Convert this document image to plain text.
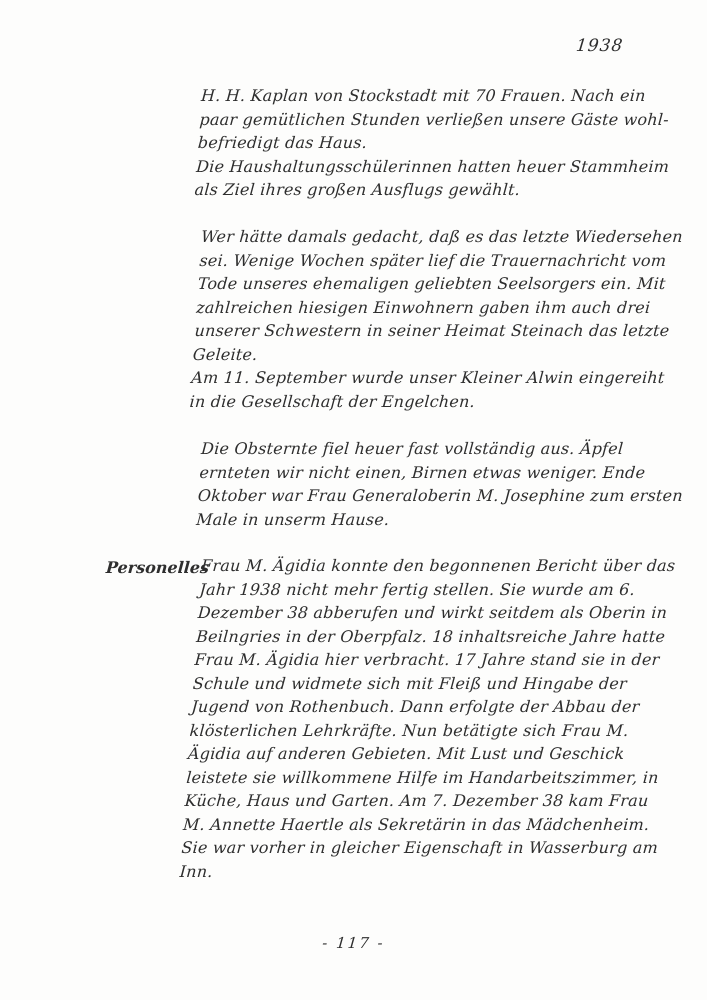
1938
Personelles

H. H. Kaplan von Stockstadt mit 70 Frauen. Nach ein
paar gemütlichen Stunden verließen unsere Gäste wohl-
befriedigt das Haus.
Die Haushaltungsschülerinnen hatten heuer Stammheim
als Ziel ihres großen Ausflugs gewählt.

Wer hätte damals gedacht, daß es das letzte Wiedersehen
sei. Wenige Wochen später lief die Trauernachricht vom
Tode unseres ehemaligen geliebten Seelsorgers ein. Mit
zahlreichen hiesigen Einwohnern gaben ihm auch drei
unserer Schwestern in seiner Heimat Steinach das letzte
Geleite.
Am 11. September wurde unser Kleiner Alwin eingereiht
in die Gesellschaft der Engelchen.

Die Obsternte fiel heuer fast vollständig aus. Äpfel
ernteten wir nicht einen, Birnen etwas weniger. Ende
Oktober war Frau Generaloberin M. Josephine zum ersten
Male in unserm Hause.

Frau M. Ägidia konnte den begonnenen Bericht über das
Jahr 1938 nicht mehr fertig stellen. Sie wurde am 6.
Dezember 38 abberufen und wirkt seitdem als Oberin in
Beilngries in der Oberpfalz. 18 inhaltsreiche Jahre hatte
Frau M. Ägidia hier verbracht. 17 Jahre stand sie in der
Schule und widmete sich mit Fleiß und Hingabe der
Jugend von Rothenbuch. Dann erfolgte der Abbau der
klösterlichen Lehrkräfte. Nun betätigte sich Frau M.
Ägidia auf anderen Gebieten. Mit Lust und Geschick
leistete sie willkommene Hilfe im Handarbeitszimmer, in
Küche, Haus und Garten. Am 7. Dezember 38 kam Frau
M. Annette Haertle als Sekretärin in das Mädchenheim.
Sie war vorher in gleicher Eigenschaft in Wasserburg am
Inn.

- 117 -
